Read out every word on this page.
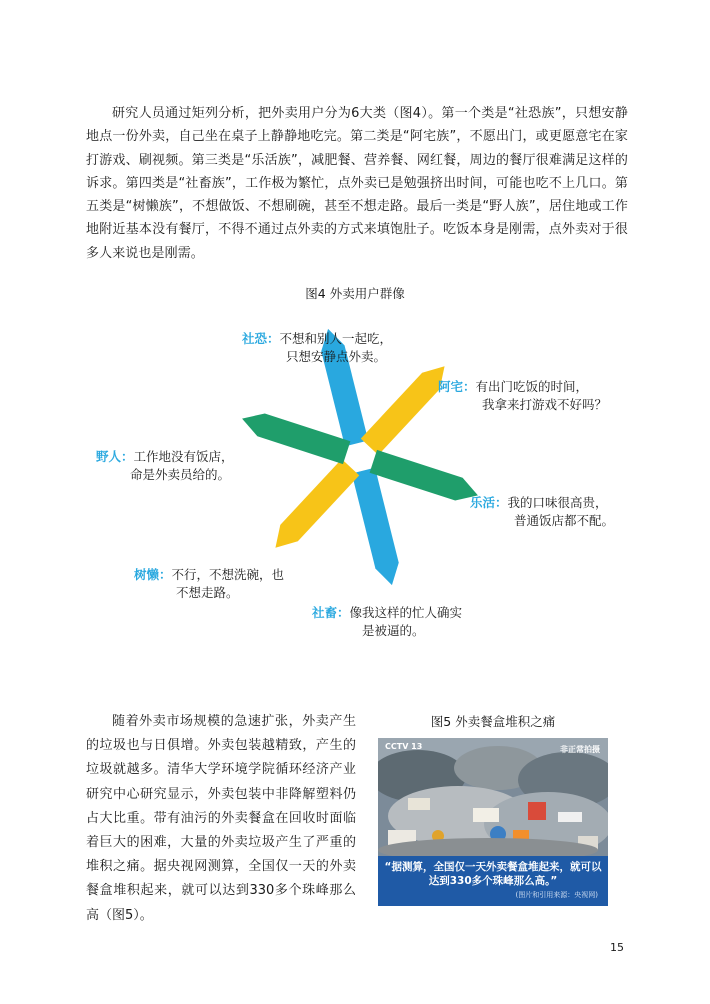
研究人员通过矩列分析，把外卖用户分为6大类（图4）。第一个类是“社恐族”，只想安静地点一份外卖，自己坐在桌子上静静地吃完。第二类是“阿宅族”，不愿出门，或更愿意宅在家打游戏、刷视频。第三类是“乐活族”，减肥餐、营养餐、网红餐，周边的餐厅很难满足这样的诉求。第四类是“社畜族”，工作极为繁忙，点外卖已是勉强挤出时间，可能也吃不上几口。第五类是“树懒族”，不想做饭、不想刷碗，甚至不想走路。最后一类是“野人族”，居住地或工作地附近基本没有餐厅，不得不通过点外卖的方式来填饱肚子。吃饭本身是刚需，点外卖对于很多人来说也是刚需。

图4 外卖用户群像

社恐：不想和别人一起吃，
只想安静点外卖。
阿宅：有出门吃饭的时间，
我拿来打游戏不好吗？
野人：工作地没有饭店，
命是外卖员给的。
乐活：我的口味很高贵，
普通饭店都不配。
树懒：不行，不想洗碗，也
不想走路。
社畜：像我这样的忙人确实
是被逼的。

随着外卖市场规模的急速扩张，外卖产生的垃圾也与日俱增。外卖包装越精致，产生的垃圾就越多。清华大学环境学院循环经济产业研究中心研究显示，外卖包装中非降解塑料仍占大比重。带有油污的外卖餐盒在回收时面临着巨大的困难，大量的外卖垃圾产生了严重的堆积之痛。据央视网测算，全国仅一天的外卖餐盒堆积起来，就可以达到330多个珠峰那么高（图5）。

图5 外卖餐盒堆积之痛

CCTV 13	非正常拍摄
“据测算，全国仅一天外卖餐盒堆起来，就可以达到330多个珠峰那么高。”
(图片和引用来源：央视网)
15
